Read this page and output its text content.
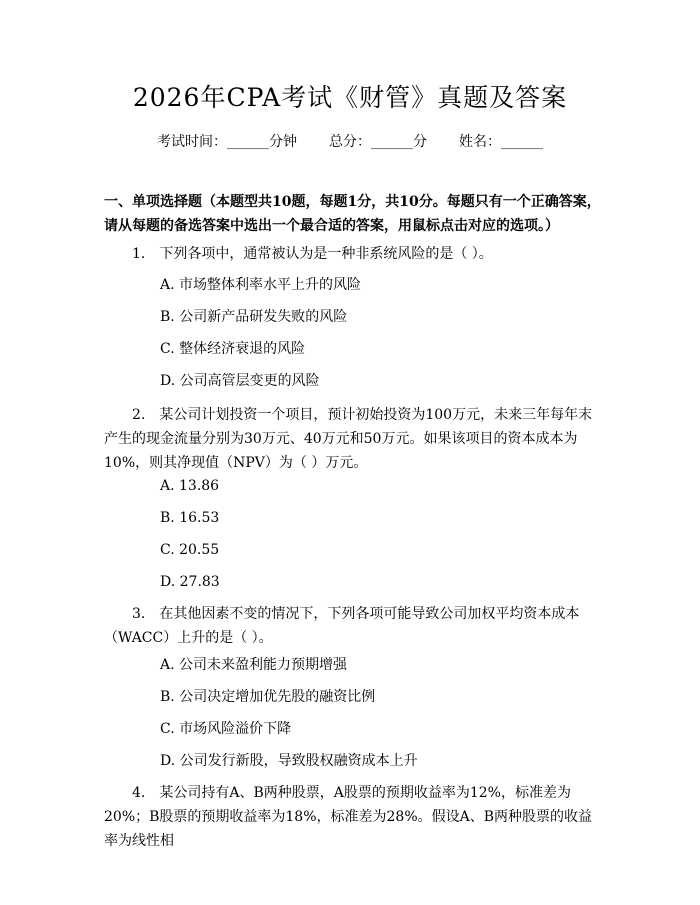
2026年CPA考试《财管》真题及答案
考试时间：______分钟 总分：______分 姓名：______
一、单项选择题（本题型共10题，每题1分，共10分。每题只有一个正确答案，请从每题的备选答案中选出一个最合适的答案，用鼠标点击对应的选项。）
1.　下列各项中，通常被认为是一种非系统风险的是（ ）。
A. 市场整体利率水平上升的风险
B. 公司新产品研发失败的风险
C. 整体经济衰退的风险
D. 公司高管层变更的风险
2.　某公司计划投资一个项目，预计初始投资为100万元，未来三年每年末产生的现金流量分别为30万元、40万元和50万元。如果该项目的资本成本为10%，则其净现值（NPV）为（ ）万元。
A. 13.86
B. 16.53
C. 20.55
D. 27.83
3.　在其他因素不变的情况下，下列各项可能导致公司加权平均资本成本（WACC）上升的是（ ）。
A. 公司未来盈利能力预期增强
B. 公司决定增加优先股的融资比例
C. 市场风险溢价下降
D. 公司发行新股，导致股权融资成本上升
4.　某公司持有A、B两种股票，A股票的预期收益率为12%，标准差为20%；B股票的预期收益率为18%，标准差为28%。假设A、B两种股票的收益率为线性相
